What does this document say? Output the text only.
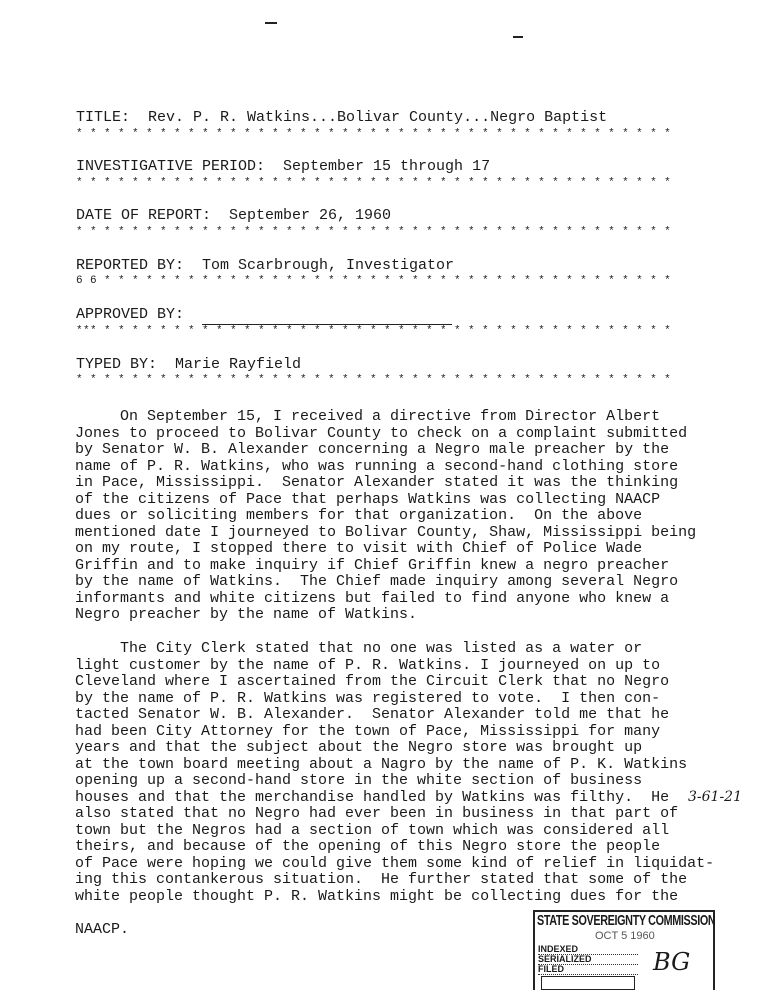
TITLE:  Rev. P. R. Watkins...Bolivar County...Negro Baptist
* * * * * * * * * * * * * * * * * * * * * * * * * * * * * * * * * * * * * * * * * * *
INVESTIGATIVE PERIOD:  September 15 through 17
* * * * * * * * * * * * * * * * * * * * * * * * * * * * * * * * * * * * * * * * * * *
DATE OF REPORT:  September 26, 1960
* * * * * * * * * * * * * * * * * * * * * * * * * * * * * * * * * * * * * * * * * * *
REPORTED BY:  Tom Scarbrough, Investigator
6 6 * * * * * * * * * * * * * * * * * * * * * * * * * * * * * * * * * * * * * * * * *
APPROVED BY:
*** * * * * * * * * * * * * * * * * * * * * * * * * * * * * * * * * * * * * * * * * *
TYPED BY:  Marie Rayfield
* * * * * * * * * * * * * * * * * * * * * * * * * * * * * * * * * * * * * * * * * * *
On September 15, I received a directive from Director Albert
Jones to proceed to Bolivar County to check on a complaint submitted
by Senator W. B. Alexander concerning a Negro male preacher by the
name of P. R. Watkins, who was running a second-hand clothing store
in Pace, Mississippi.  Senator Alexander stated it was the thinking
of the citizens of Pace that perhaps Watkins was collecting NAACP
dues or soliciting members for that organization.  On the above
mentioned date I journeyed to Bolivar County, Shaw, Mississippi being
on my route, I stopped there to visit with Chief of Police Wade
Griffin and to make inquiry if Chief Griffin knew a negro preacher
by the name of Watkins.  The Chief made inquiry among several Negro
informants and white citizens but failed to find anyone who knew a
Negro preacher by the name of Watkins.
The City Clerk stated that no one was listed as a water or
light customer by the name of P. R. Watkins. I journeyed on up to
Cleveland where I ascertained from the Circuit Clerk that no Negro
by the name of P. R. Watkins was registered to vote.  I then con-
tacted Senator W. B. Alexander.  Senator Alexander told me that he
had been City Attorney for the town of Pace, Mississippi for many
years and that the subject about the Negro store was brought up
at the town board meeting about a Nagro by the name of P. K. Watkins
opening up a second-hand store in the white section of business
houses and that the merchandise handled by Watkins was filthy.  He
also stated that no Negro had ever been in business in that part of
town but the Negros had a section of town which was considered all
theirs, and because of the opening of this Negro store the people
of Pace were hoping we could give them some kind of relief in liquidat-
ing this contankerous situation.  He further stated that some of the
white people thought P. R. Watkins might be collecting dues for the
NAACP.
3-61-21
STATE SOVEREIGNTY COMMISSION
OCT 5 1960
INDEXED
SERIALIZED
FILED	BG
